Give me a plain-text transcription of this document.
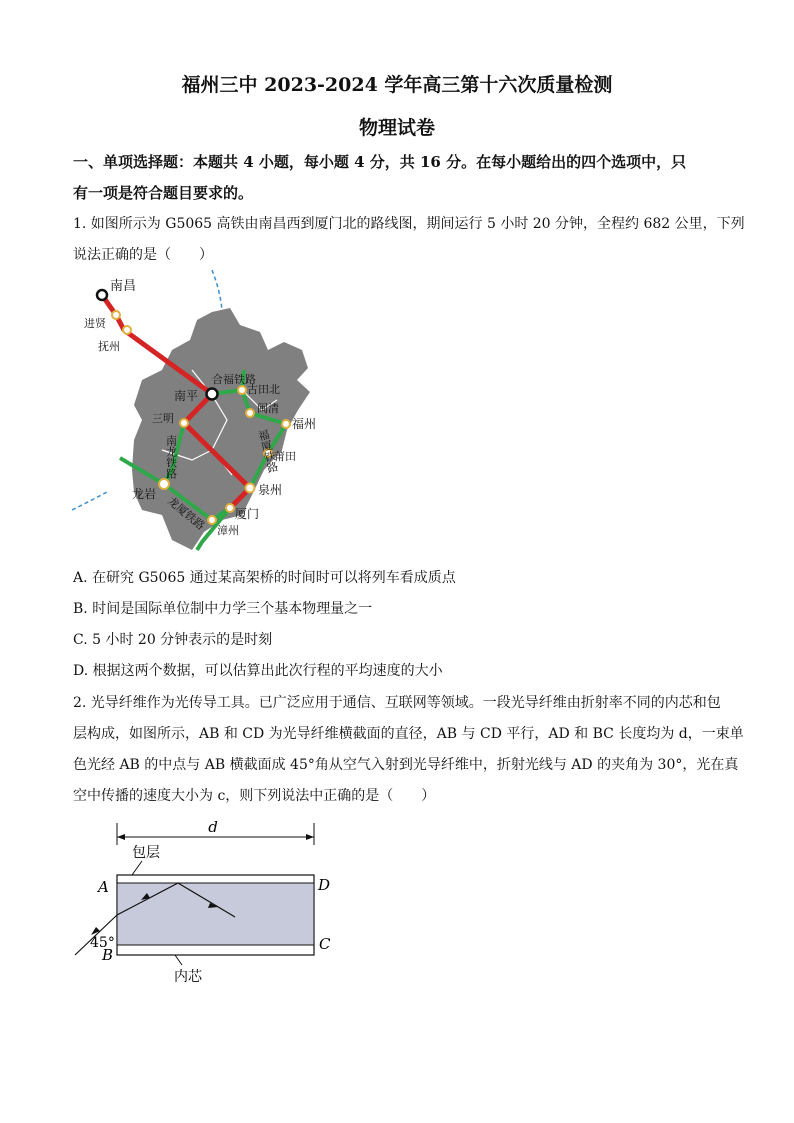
福州三中 2023-2024 学年高三第十六次质量检测
物理试卷
一、单项选择题：本题共 4 小题，每小题 4 分，共 16 分。在每小题给出的四个选项中，只
有一项是符合题目要求的。
1. 如图所示为 G5065 高铁由南昌西到厦门北的路线图，期间运行 5 小时 20 分钟，全程约 682 公里，下列
说法正确的是（　　）
南昌
进贤
抚州
合福铁路
南平	古田北
闽清
福州
三明
南龙铁路	福厦铁路
莆田
泉州
龙岩
龙厦铁路 厦门
漳州
A. 在研究 G5065 通过某高架桥的时间时可以将列车看成质点
B. 时间是国际单位制中力学三个基本物理量之一
C. 5 小时 20 分钟表示的是时刻
D. 根据这两个数据，可以估算出此次行程的平均速度的大小
2. 光导纤维作为光传导工具。已广泛应用于通信、互联网等领域。一段光导纤维由折射率不同的内芯和包
层构成，如图所示，AB 和 CD 为光导纤维横截面的直径，AB 与 CD 平行，AD 和 BC 长度均为 d，一束单
色光经 AB 的中点与 AB 横截面成 45°角从空气入射到光导纤维中，折射光线与 AD 的夹角为 30°，光在真
空中传播的速度大小为 c，则下列说法中正确的是（　　）
d
包层
A
B
C
D
45°
内芯
